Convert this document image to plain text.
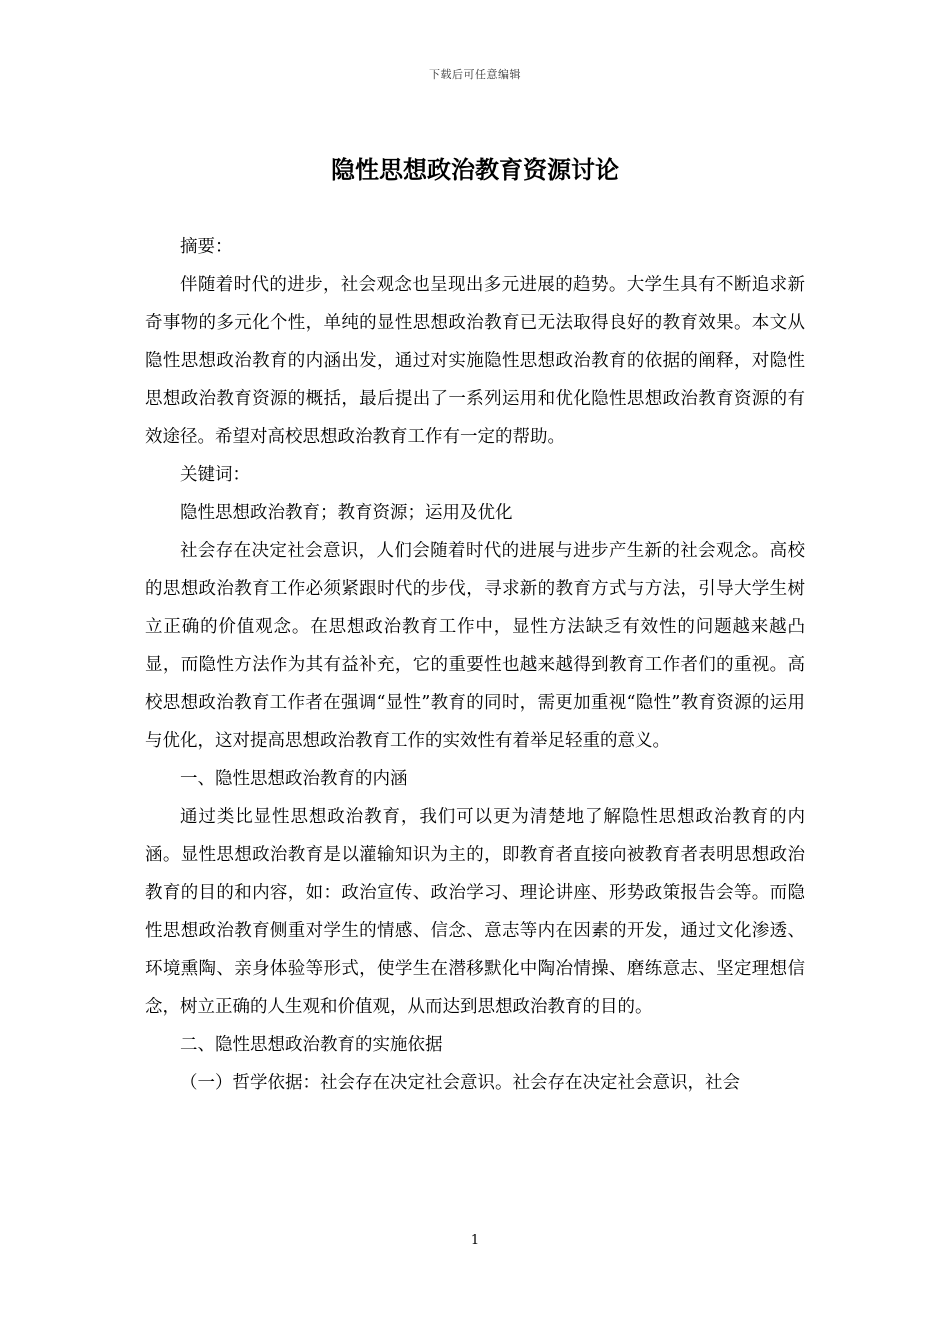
下载后可任意编辑
隐性思想政治教育资源讨论

摘要：

伴随着时代的进步，社会观念也呈现出多元进展的趋势。大学生具有不断追求新奇事物的多元化个性，单纯的显性思想政治教育已无法取得良好的教育效果。本文从隐性思想政治教育的内涵出发，通过对实施隐性思想政治教育的依据的阐释，对隐性思想政治教育资源的概括，最后提出了一系列运用和优化隐性思想政治教育资源的有效途径。希望对高校思想政治教育工作有一定的帮助。

关键词：

隐性思想政治教育；教育资源；运用及优化

社会存在决定社会意识，人们会随着时代的进展与进步产生新的社会观念。高校的思想政治教育工作必须紧跟时代的步伐，寻求新的教育方式与方法，引导大学生树立正确的价值观念。在思想政治教育工作中，显性方法缺乏有效性的问题越来越凸显，而隐性方法作为其有益补充，它的重要性也越来越得到教育工作者们的重视。高校思想政治教育工作者在强调“显性”教育的同时，需更加重视“隐性”教育资源的运用与优化，这对提高思想政治教育工作的实效性有着举足轻重的意义。

一、隐性思想政治教育的内涵

通过类比显性思想政治教育，我们可以更为清楚地了解隐性思想政治教育的内涵。显性思想政治教育是以灌输知识为主的，即教育者直接向被教育者表明思想政治教育的目的和内容，如：政治宣传、政治学习、理论讲座、形势政策报告会等。而隐性思想政治教育侧重对学生的情感、信念、意志等内在因素的开发，通过文化渗透、环境熏陶、亲身体验等形式，使学生在潜移默化中陶冶情操、磨练意志、坚定理想信念，树立正确的人生观和价值观，从而达到思想政治教育的目的。

二、隐性思想政治教育的实施依据

（一）哲学依据：社会存在决定社会意识。社会存在决定社会意识，社会

1
